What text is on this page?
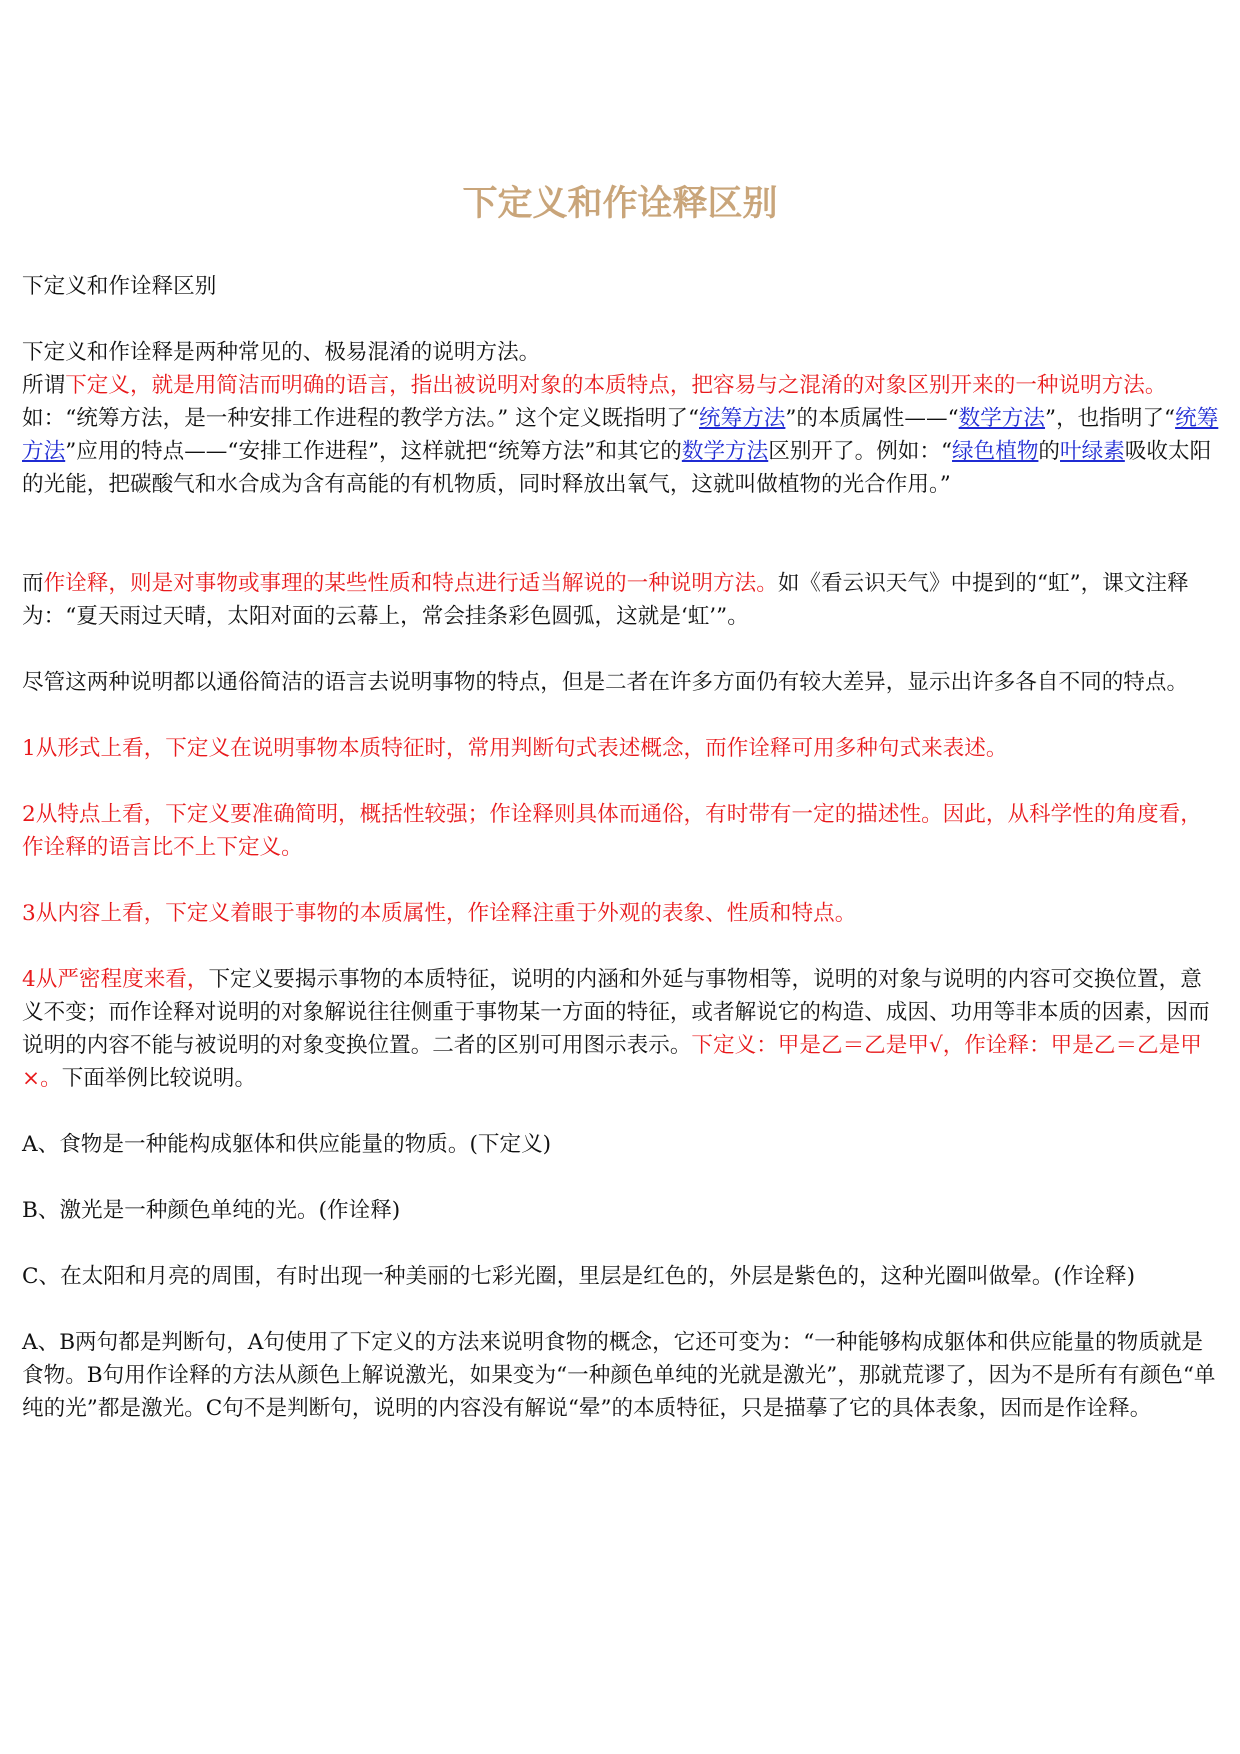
下定义和作诠释区别

下定义和作诠释区别

下定义和作诠释是两种常见的、极易混淆的说明方法。

所谓下定义，就是用简洁而明确的语言，指出被说明对象的本质特点，把容易与之混淆的对象区别开来的一种说明方法。如：“统筹方法，是一种安排工作进程的教学方法。” 这个定义既指明了“统筹方法”的本质属性——“数学方法”，也指明了“统筹方法”应用的特点——“安排工作进程”，这样就把“统筹方法”和其它的数学方法区别开了。例如：“绿色植物的叶绿素吸收太阳的光能，把碳酸气和水合成为含有高能的有机物质，同时释放出氧气，这就叫做植物的光合作用。”

而作诠释，则是对事物或事理的某些性质和特点进行适当解说的一种说明方法。如《看云识天气》中提到的“虹”，课文注释为：“夏天雨过天晴，太阳对面的云幕上，常会挂条彩色圆弧，这就是‘虹’”。

尽管这两种说明都以通俗简洁的语言去说明事物的特点，但是二者在许多方面仍有较大差异，显示出许多各自不同的特点。

1从形式上看，下定义在说明事物本质特征时，常用判断句式表述概念，而作诠释可用多种句式来表述。

2从特点上看，下定义要准确简明，概括性较强；作诠释则具体而通俗，有时带有一定的描述性。因此，从科学性的角度看，作诠释的语言比不上下定义。

3从内容上看，下定义着眼于事物的本质属性，作诠释注重于外观的表象、性质和特点。

4从严密程度来看，下定义要揭示事物的本质特征，说明的内涵和外延与事物相等，说明的对象与说明的内容可交换位置，意义不变；而作诠释对说明的对象解说往往侧重于事物某一方面的特征，或者解说它的构造、成因、功用等非本质的因素，因而说明的内容不能与被说明的对象变换位置。二者的区别可用图示表示。下定义：甲是乙＝乙是甲√，作诠释：甲是乙＝乙是甲×。下面举例比较说明。

A、食物是一种能构成躯体和供应能量的物质。(下定义)

B、激光是一种颜色单纯的光。(作诠释)

C、在太阳和月亮的周围，有时出现一种美丽的七彩光圈，里层是红色的，外层是紫色的，这种光圈叫做晕。(作诠释)

A、B两句都是判断句，A句使用了下定义的方法来说明食物的概念，它还可变为：“一种能够构成躯体和供应能量的物质就是食物。B句用作诠释的方法从颜色上解说激光，如果变为“一种颜色单纯的光就是激光”，那就荒谬了，因为不是所有有颜色“单纯的光”都是激光。C句不是判断句，说明的内容没有解说“晕”的本质特征，只是描摹了它的具体表象，因而是作诠释。
